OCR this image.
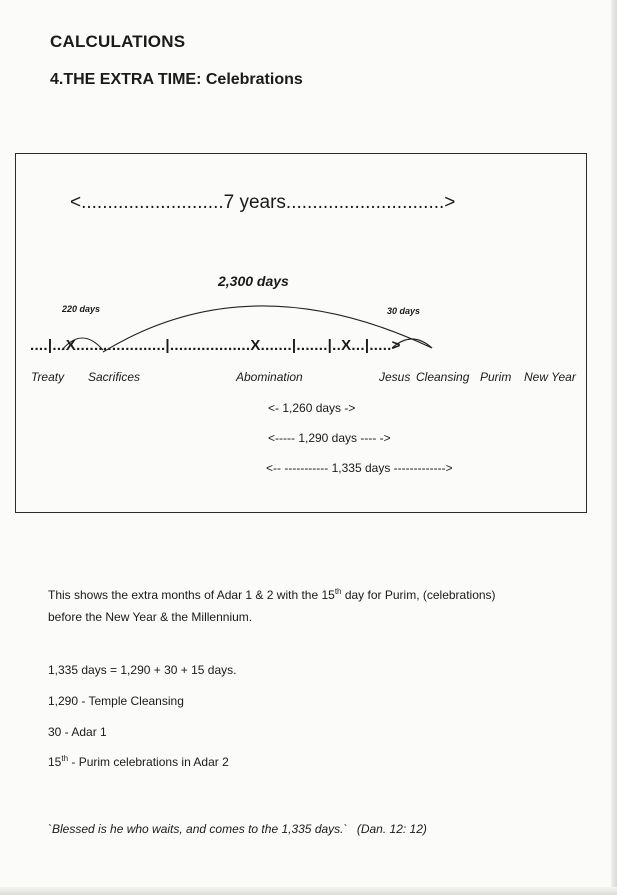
CALCULATIONS
4.THE EXTRA TIME: Celebrations
<...........................7 years..............................>
2,300 days
220 days	30 days
....|...X....................|..................X.......|.......|..X...|.....>
Treaty Sacrifices	Abomination	Jesus Cleansing Purim New Year
<- 1,260 days ->
<----- 1,290 days ---- ->
<-- ----------- 1,335 days ------------->
This shows the extra months of Adar 1 & 2 with the 15th day for Purim, (celebrations)
before the New Year & the Millennium.
1,335 days = 1,290 + 30 + 15 days.
1,290 - Temple Cleansing
30 - Adar 1
15th - Purim celebrations in Adar 2
`Blessed is he who waits, and comes to the 1,335 days.` (Dan. 12: 12)
